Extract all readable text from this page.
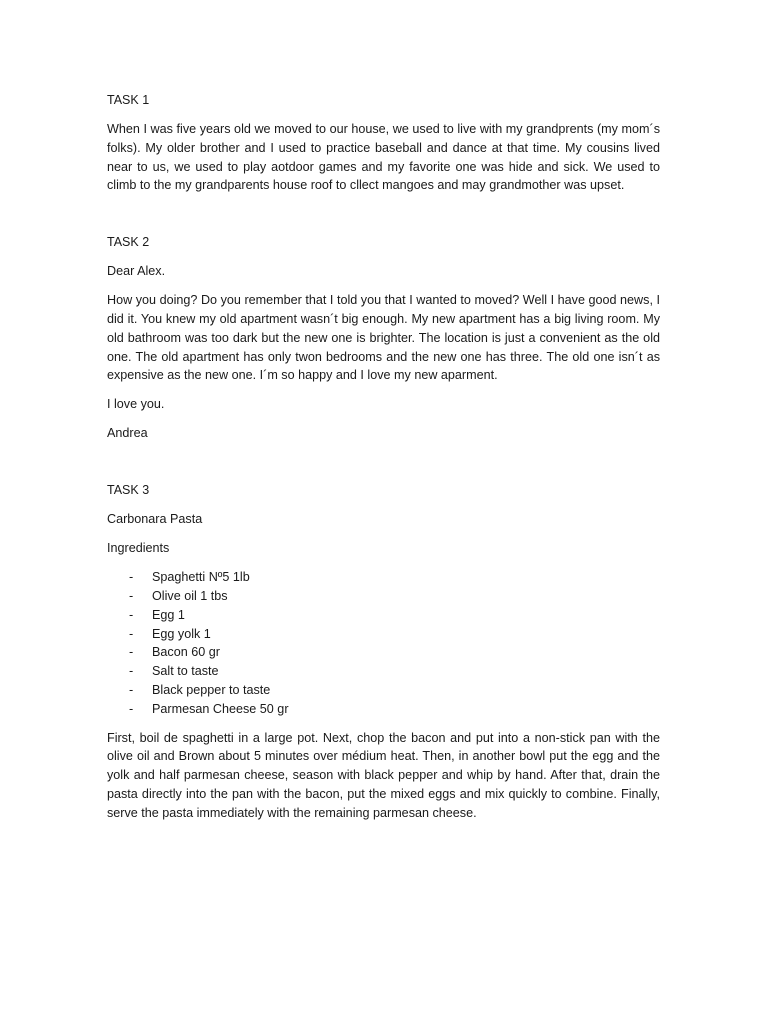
TASK 1

When I was five years old we moved to our house, we used to live with my grandprents (my mom´s folks). My older brother and I used to practice baseball and dance at that time. My cousins lived near to us, we used to play aotdoor games and my favorite one was hide and sick. We used to climb to the my grandparents house roof to cllect mangoes and may grandmother was upset.

TASK 2

Dear Alex.

How you doing? Do you remember that I told you that I wanted to moved? Well I have good news, I did it. You knew my old apartment wasn´t big enough. My new apartment has a big living room. My old bathroom was too dark but the new one is brighter. The location is just a convenient as the old one. The old apartment has only twon bedrooms and the new one has three. The old one isn´t as expensive as the new one. I´m so happy and I love my new aparment.

I love you.

Andrea

TASK 3

Carbonara Pasta

Ingredients

- Spaghetti Nº5 1lb
- Olive oil 1 tbs
- Egg 1
- Egg yolk 1
- Bacon 60 gr
- Salt to taste
- Black pepper to taste
- Parmesan Cheese 50 gr

First, boil de spaghetti in a large pot. Next, chop the bacon and put into a non-stick pan with the olive oil and Brown about 5 minutes over médium heat. Then, in another bowl put the egg and the yolk and half parmesan cheese, season with black pepper and whip by hand. After that, drain the pasta directly into the pan with the bacon, put the mixed eggs and mix quickly to combine. Finally, serve the pasta immediately with the remaining parmesan cheese.
